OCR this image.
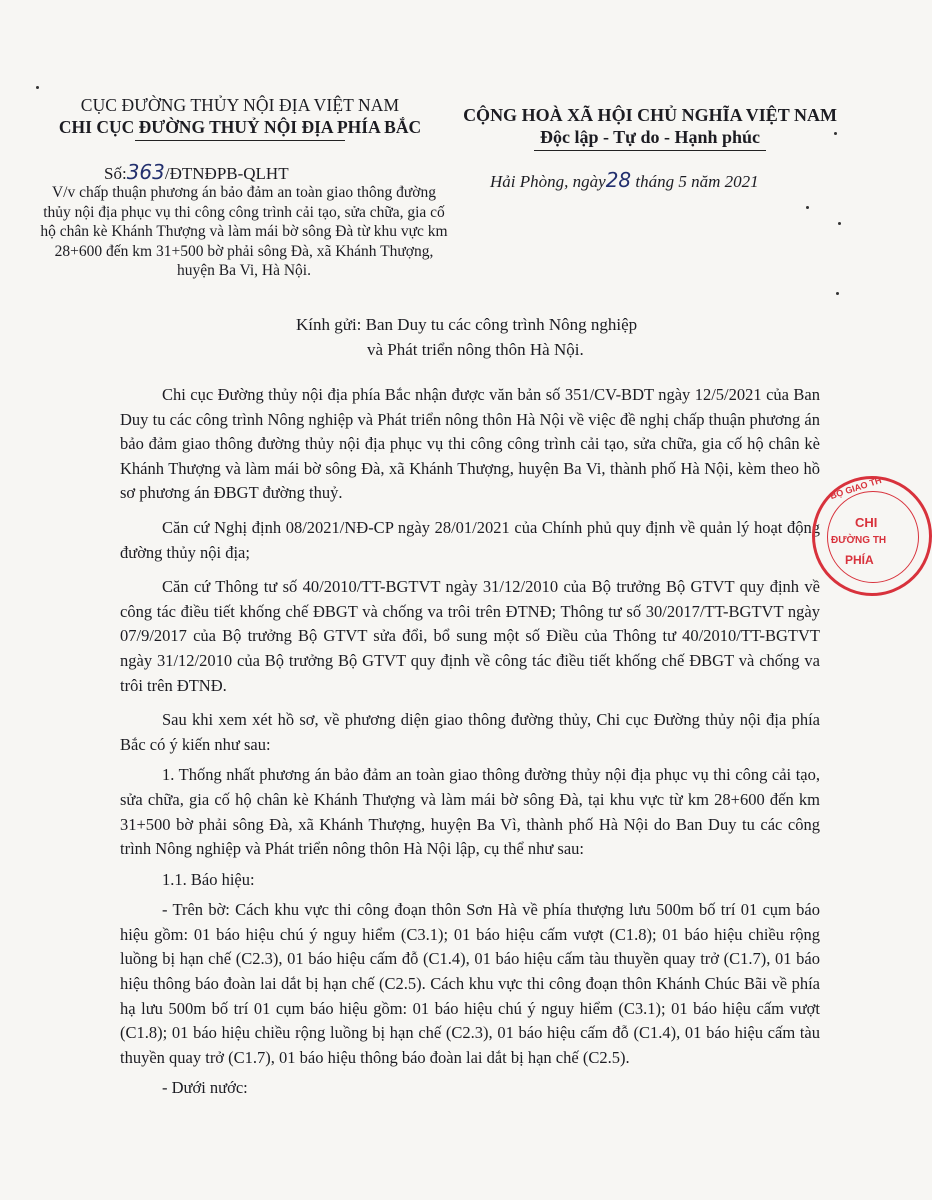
CỤC ĐƯỜNG THỦY NỘI ĐỊA VIỆT NAM
CHI CỤC ĐƯỜNG THUỶ NỘI ĐỊA PHÍA BẮC
CỘNG HOÀ XÃ HỘI CHỦ NGHĨA VIỆT NAM
Độc lập - Tự do - Hạnh phúc
Số:363/ĐTNĐPB-QLHT	Hải Phòng, ngày28 tháng 5 năm 2021
V/v chấp thuận phương án bảo đảm an toàn giao thông đường thủy nội địa phục vụ thi công công trình cải tạo, sửa chữa, gia cố hộ chân kè Khánh Thượng và làm mái bờ sông Đà từ khu vực km 28+600 đến km 31+500 bờ phải sông Đà, xã Khánh Thượng, huyện Ba Vi, Hà Nội.
Kính gửi: Ban Duy tu các công trình Nông nghiệp
và Phát triển nông thôn Hà Nội.

Chi cục Đường thủy nội địa phía Bắc nhận được văn bản số 351/CV-BDT ngày 12/5/2021 của Ban Duy tu các công trình Nông nghiệp và Phát triển nông thôn Hà Nội về việc đề nghị chấp thuận phương án bảo đảm giao thông đường thủy nội địa phục vụ thi công công trình cải tạo, sửa chữa, gia cố hộ chân kè Khánh Thượng và làm mái bờ sông Đà, xã Khánh Thượng, huyện Ba Vi, thành phố Hà Nội, kèm theo hồ sơ phương án ĐBGT đường thuỷ.

Căn cứ Nghị định 08/2021/NĐ-CP ngày 28/01/2021 của Chính phủ quy định về quản lý hoạt động đường thủy nội địa;

Căn cứ Thông tư số 40/2010/TT-BGTVT ngày 31/12/2010 của Bộ trưởng Bộ GTVT quy định về công tác điều tiết khống chế ĐBGT và chống va trôi trên ĐTNĐ; Thông tư số 30/2017/TT-BGTVT ngày 07/9/2017 của Bộ trưởng Bộ GTVT sửa đổi, bổ sung một số Điều của Thông tư 40/2010/TT-BGTVT ngày 31/12/2010 của Bộ trưởng Bộ GTVT quy định về công tác điều tiết khống chế ĐBGT và chống va trôi trên ĐTNĐ.

Sau khi xem xét hồ sơ, về phương diện giao thông đường thủy, Chi cục Đường thủy nội địa phía Bắc có ý kiến như sau:

1. Thống nhất phương án bảo đảm an toàn giao thông đường thủy nội địa phục vụ thi công cải tạo, sửa chữa, gia cố hộ chân kè Khánh Thượng và làm mái bờ sông Đà, tại khu vực từ km 28+600 đến km 31+500 bờ phải sông Đà, xã Khánh Thượng, huyện Ba Vì, thành phố Hà Nội do Ban Duy tu các công trình Nông nghiệp và Phát triển nông thôn Hà Nội lập, cụ thể như sau:

1.1. Báo hiệu:

- Trên bờ: Cách khu vực thi công đoạn thôn Sơn Hà về phía thượng lưu 500m bố trí 01 cụm báo hiệu gồm: 01 báo hiệu chú ý nguy hiểm (C3.1); 01 báo hiệu cấm vượt (C1.8); 01 báo hiệu chiều rộng luồng bị hạn chế (C2.3), 01 báo hiệu cấm đỗ (C1.4), 01 báo hiệu cấm tàu thuyền quay trở (C1.7), 01 báo hiệu thông báo đoàn lai dắt bị hạn chế (C2.5). Cách khu vực thi công đoạn thôn Khánh Chúc Bãi về phía hạ lưu 500m bố trí 01 cụm báo hiệu gồm: 01 báo hiệu chú ý nguy hiểm (C3.1); 01 báo hiệu cấm vượt (C1.8); 01 báo hiệu chiều rộng luồng bị hạn chế (C2.3), 01 báo hiệu cấm đỗ (C1.4), 01 báo hiệu cấm tàu thuyền quay trở (C1.7), 01 báo hiệu thông báo đoàn lai dắt bị hạn chế (C2.5).

- Dưới nước:

BỘ GIAO TH
CHI
ĐƯỜNG TH
PHÍA
